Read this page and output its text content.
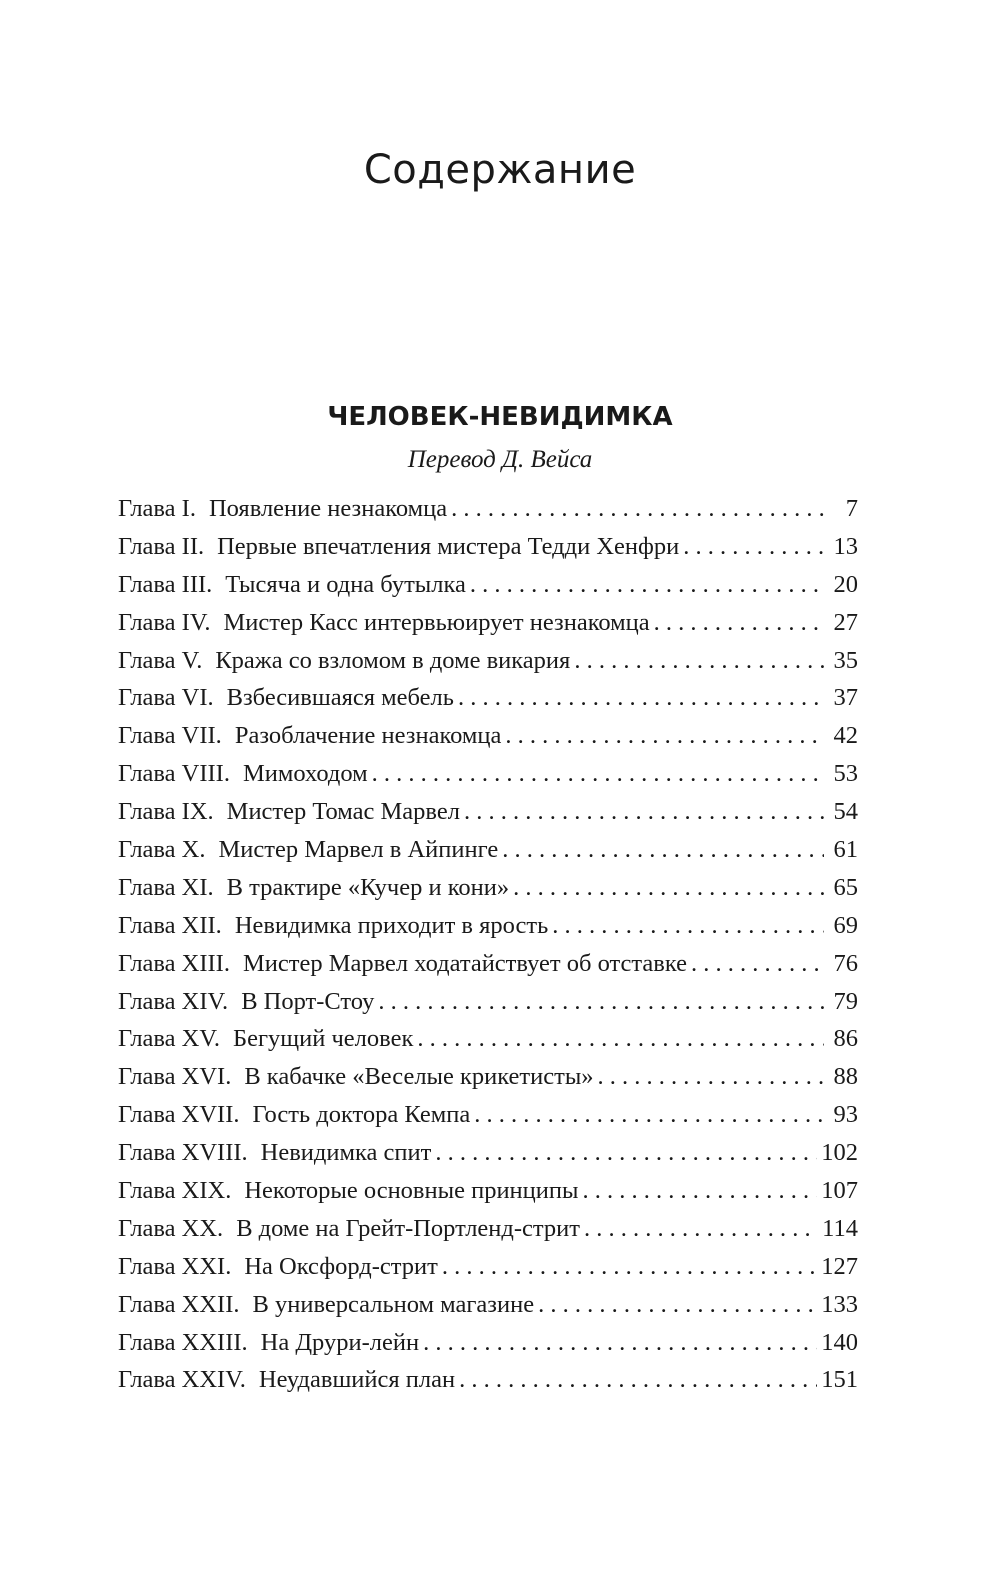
Содержание
ЧЕЛОВЕК-НЕВИДИМКА
Перевод Д. Вейса
Глава I. Появление незнакомца . . .	7
Глава II. Первые впечатления мистера Тедди Хенфри . . .	13
Глава III. Тысяча и одна бутылка . . .	20
Глава IV. Мистер Касс интервьюирует незнакомца . . .	27
Глава V. Кража со взломом в доме викария . . .	35
Глава VI. Взбесившаяся мебель . . .	37
Глава VII. Разоблачение незнакомца . . .	42
Глава VIII. Мимоходом . . .	53
Глава IX. Мистер Томас Марвел . . .	54
Глава X. Мистер Марвел в Айпинге . . .	61
Глава XI. В трактире «Кучер и кони» . . .	65
Глава XII. Невидимка приходит в ярость . . .	69
Глава XIII. Мистер Марвел ходатайствует об отставке . . .	76
Глава XIV. В Порт-Стоу . . .	79
Глава XV. Бегущий человек . . .	86
Глава XVI. В кабачке «Веселые крикетисты» . . .	88
Глава XVII. Гость доктора Кемпа . . .	93
Глава XVIII. Невидимка спит . . .	102
Глава XIX. Некоторые основные принципы . . .	107
Глава XX. В доме на Грейт-Портленд-стрит . . .	114
Глава XXI. На Оксфорд-стрит . . .	127
Глава XXII. В универсальном магазине . . .	133
Глава XXIII. На Друри-лейн . . .	140
Глава XXIV. Неудавшийся план . . .	151
